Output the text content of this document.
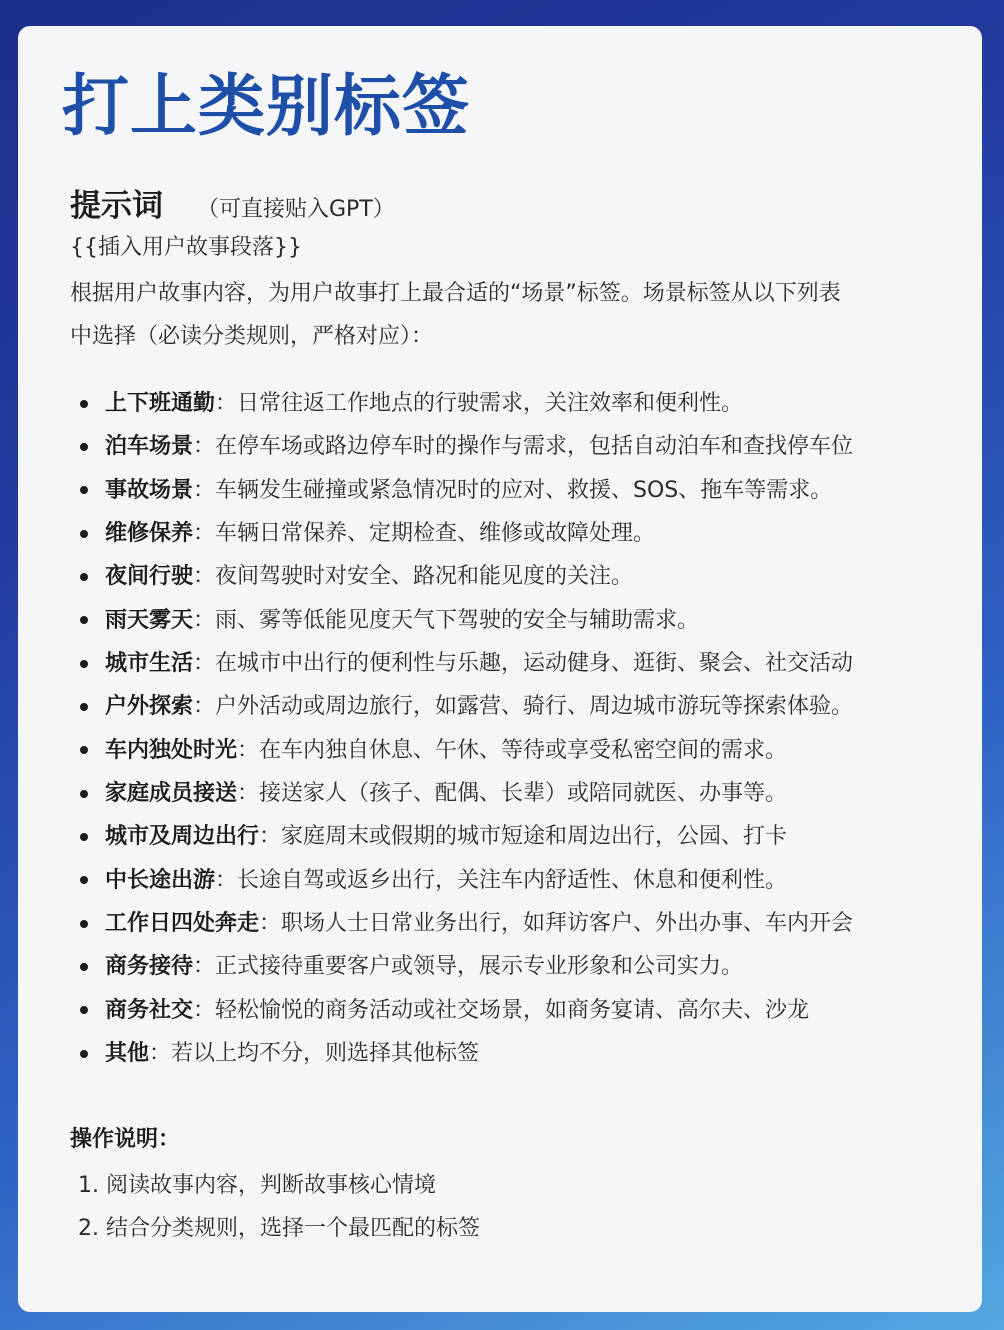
打上类别标签
提示词 （可直接贴入GPT）
{{插入用户故事段落}}
根据用户故事内容，为用户故事打上最合适的“场景”标签。场景标签从以下列表
中选择（必读分类规则，严格对应）：
上下班通勤 ：日常往返工作地点的行驶需求，关注效率和便利性。
泊车场景 ：在停车场或路边停车时的操作与需求，包括自动泊车和查找停车位
事故场景 ：车辆发生碰撞或紧急情况时的应对、救援、SOS、拖车等需求。
维修保养 ：车辆日常保养、定期检查、维修或故障处理。
夜间行驶 ：夜间驾驶时对安全、路况和能见度的关注。
雨天雾天 ：雨、雾等低能见度天气下驾驶的安全与辅助需求。
城市生活 ：在城市中出行的便利性与乐趣，运动健身、逛街、聚会、社交活动
户外探索 ：户外活动或周边旅行，如露营、骑行、周边城市游玩等探索体验。
车内独处时光 ：在车内独自休息、午休、等待或享受私密空间的需求。
家庭成员接送 ：接送家人（孩子、配偶、长辈）或陪同就医、办事等。
城市及周边出行 ：家庭周末或假期的城市短途和周边出行，公园、打卡
中长途出游 ：长途自驾或返乡出行，关注车内舒适性、休息和便利性。
工作日四处奔走 ：职场人士日常业务出行，如拜访客户、外出办事、车内开会
商务接待 ：正式接待重要客户或领导，展示专业形象和公司实力。
商务社交 ：轻松愉悦的商务活动或社交场景，如商务宴请、高尔夫、沙龙
其他 ：若以上均不分，则选择其他标签
操作说明：
1. 阅读故事内容，判断故事核心情境
2. 结合分类规则，选择一个最匹配的标签
